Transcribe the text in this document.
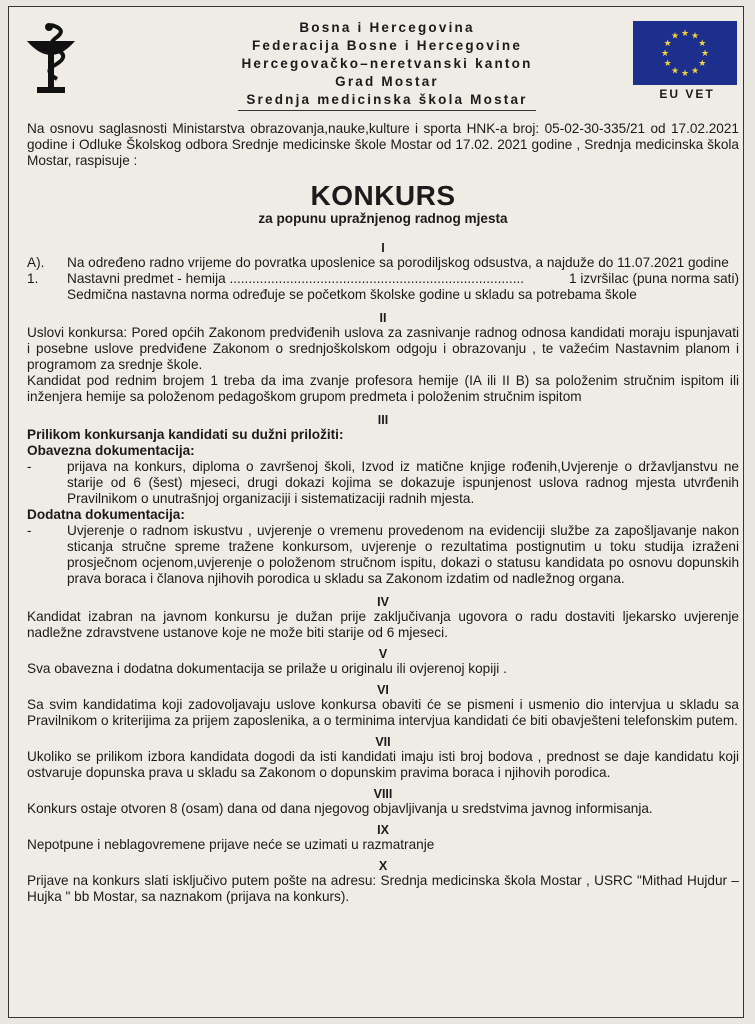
Bosna i Hercegovina
Federacija Bosne i Hercegovine
Hercegovačko–neretvanski kanton
Grad Mostar
Srednja medicinska škola Mostar
★ ★
★
★
★
★
★
★
★
★
★
★
EU VET

Na osnovu saglasnosti Ministarstva obrazovanja,nauke,kulture i sporta HNK-a broj: 05-02-30-335/21 od 17.02.2021 godine i Odluke Školskog odbora Srednje medicinske škole Mostar od 17.02. 2021 godine , Srednja medicinska škola Mostar, raspisuje :

KONKURS
za popunu upražnjenog radnog mjesta
I
A).	Na određeno radno vrijeme do povratka uposlenice sa porodiljskog odsustva, a najduže do 11.07.2021 godine
1.	Nastavni predmet - hemija
..............................................................................
	1 izvršilac (puna norma sati)
Sedmična nastavna norma određuje se početkom školske godine u skladu sa potrebama škole
II

Uslovi konkursa: Pored općih Zakonom predviđenih uslova za zasnivanje radnog odnosa kandidati moraju ispunjavati i posebne uslove predviđene Zakonom o srednjoškolskom odgoju i obrazovanju , te važećim Nastavnim planom i programom za srednje škole.

Kandidat pod rednim brojem 1 treba da ima zvanje profesora hemije (IA ili II B) sa položenim stručnim ispitom ili inženjera hemije sa položenom pedagoškom grupom predmeta i položenim stručnim ispitom

III
Prilikom konkursanja kandidati su dužni priložiti:
Obavezna dokumentacija:
-	prijava na konkurs, diploma o završenoj školi, Izvod iz matične knjige rođenih,Uvjerenje o državljanstvu ne starije od 6 (šest) mjeseci, drugi dokazi kojima se dokazuje ispunjenost uslova radnog mjesta utvrđenih Pravilnikom o unutrašnjoj organizaciji i sistematizaciji radnih mjesta.
Dodatna dokumentacija:
-	Uvjerenje o radnom iskustvu , uvjerenje o vremenu provedenom na evidenciji službe za zapošljavanje nakon sticanja stručne spreme tražene konkursom, uvjerenje o rezultatima postignutim u toku studija izraženi prosječnom ocjenom,uvjerenje o položenom stručnom ispitu, dokazi o statusu kandidata po osnovu dopunskih prava boraca i članova njihovih porodica u skladu sa Zakonom izdatim od nadležnog organa.
IV

Kandidat izabran na javnom konkursu je dužan prije zaključivanja ugovora o radu dostaviti ljekarsko uvjerenje nadležne zdravstvene ustanove koje ne može biti starije od 6 mjeseci.

V

Sva obavezna i dodatna dokumentacija se prilaže u originalu ili ovjerenoj kopiji .

VI

Sa svim kandidatima koji zadovoljavaju uslove konkursa obaviti će se pismeni i usmenio dio intervjua u skladu sa Pravilnikom o kriterijima za prijem zaposlenika, a o terminima intervjua kandidati će biti obavješteni telefonskim putem.

VII

Ukoliko se prilikom izbora kandidata dogodi da isti kandidati imaju isti broj bodova , prednost se daje kandidatu koji ostvaruje dopunska prava u skladu sa Zakonom o dopunskim pravima boraca i njihovih porodica.

VIII

Konkurs ostaje otvoren 8 (osam) dana od dana njegovog objavljivanja u sredstvima javnog informisanja.

IX

Nepotpune i neblagovremene prijave neće se uzimati u razmatranje

X

Prijave na konkurs slati isključivo putem pošte na adresu: Srednja medicinska škola Mostar , USRC "Mithad Hujdur –Hujka " bb Mostar, sa naznakom (prijava na konkurs).
